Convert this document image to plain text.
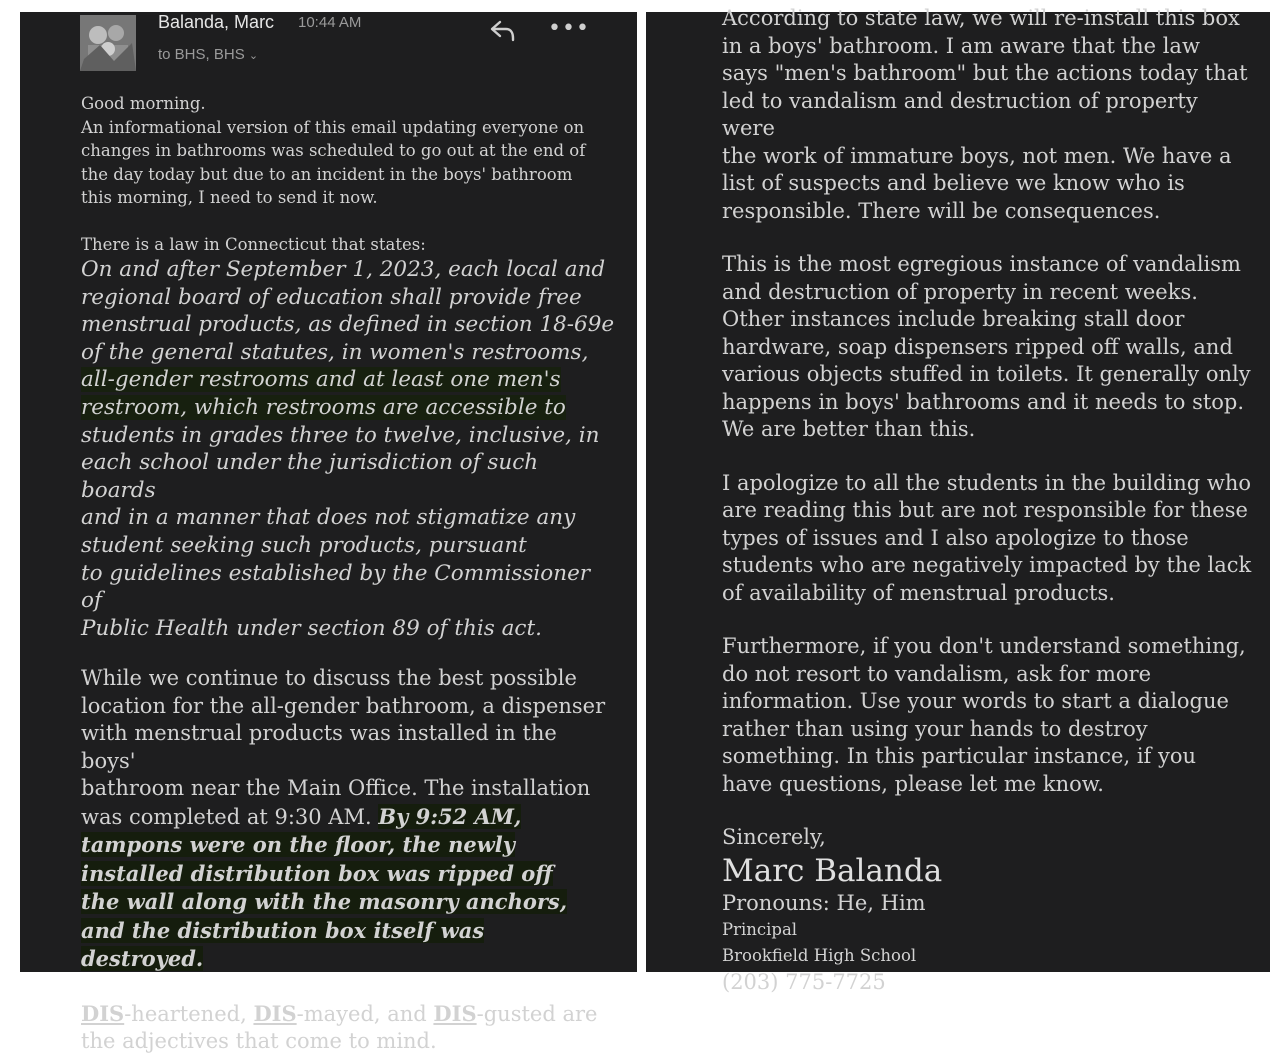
Balanda, Marc 10:44 AM
to BHS, BHS ⌄
•••

Good morning.

An informational version of this email updating everyone on

changes in bathrooms was scheduled to go out at the end of

the day today but due to an incident in the boys' bathroom

this morning, I need to send it now.

There is a law in Connecticut that states:

On and after September 1, 2023, each local and

regional board of education shall provide free

menstrual products, as defined in section 18-69e

of the general statutes, in women's restrooms,

all-gender restrooms and at least one men's

restroom, which restrooms are accessible to

students in grades three to twelve, inclusive, in

each school under the jurisdiction of such boards

and in a manner that does not stigmatize any

student seeking such products, pursuant

to guidelines established by the Commissioner of

Public Health under section 89 of this act.

While we continue to discuss the best possible

location for the all-gender bathroom, a dispenser

with menstrual products was installed in the boys'

bathroom near the Main Office. The installation

was completed at 9:30 AM. By 9:52 AM,

tampons were on the floor, the newly

installed distribution box was ripped off

the wall along with the masonry anchors,

and the distribution box itself was

destroyed.

DIS-heartened, DIS-mayed, and DIS-gusted are

the adjectives that come to mind.

According to state law, we will re-install this box

in a boys' bathroom. I am aware that the law

says "men's bathroom" but the actions today that

led to vandalism and destruction of property were

the work of immature boys, not men. We have a

list of suspects and believe we know who is

responsible. There will be consequences.

This is the most egregious instance of vandalism

and destruction of property in recent weeks.

Other instances include breaking stall door

hardware, soap dispensers ripped off walls, and

various objects stuffed in toilets. It generally only

happens in boys' bathrooms and it needs to stop.

We are better than this.

I apologize to all the students in the building who

are reading this but are not responsible for these

types of issues and I also apologize to those

students who are negatively impacted by the lack

of availability of menstrual products.

Furthermore, if you don't understand something,

do not resort to vandalism, ask for more

information. Use your words to start a dialogue

rather than using your hands to destroy

something. In this particular instance, if you

have questions, please let me know.

Sincerely,

Marc Balanda

Pronouns: He, Him

Principal

Brookfield High School

(203) 775-7725
